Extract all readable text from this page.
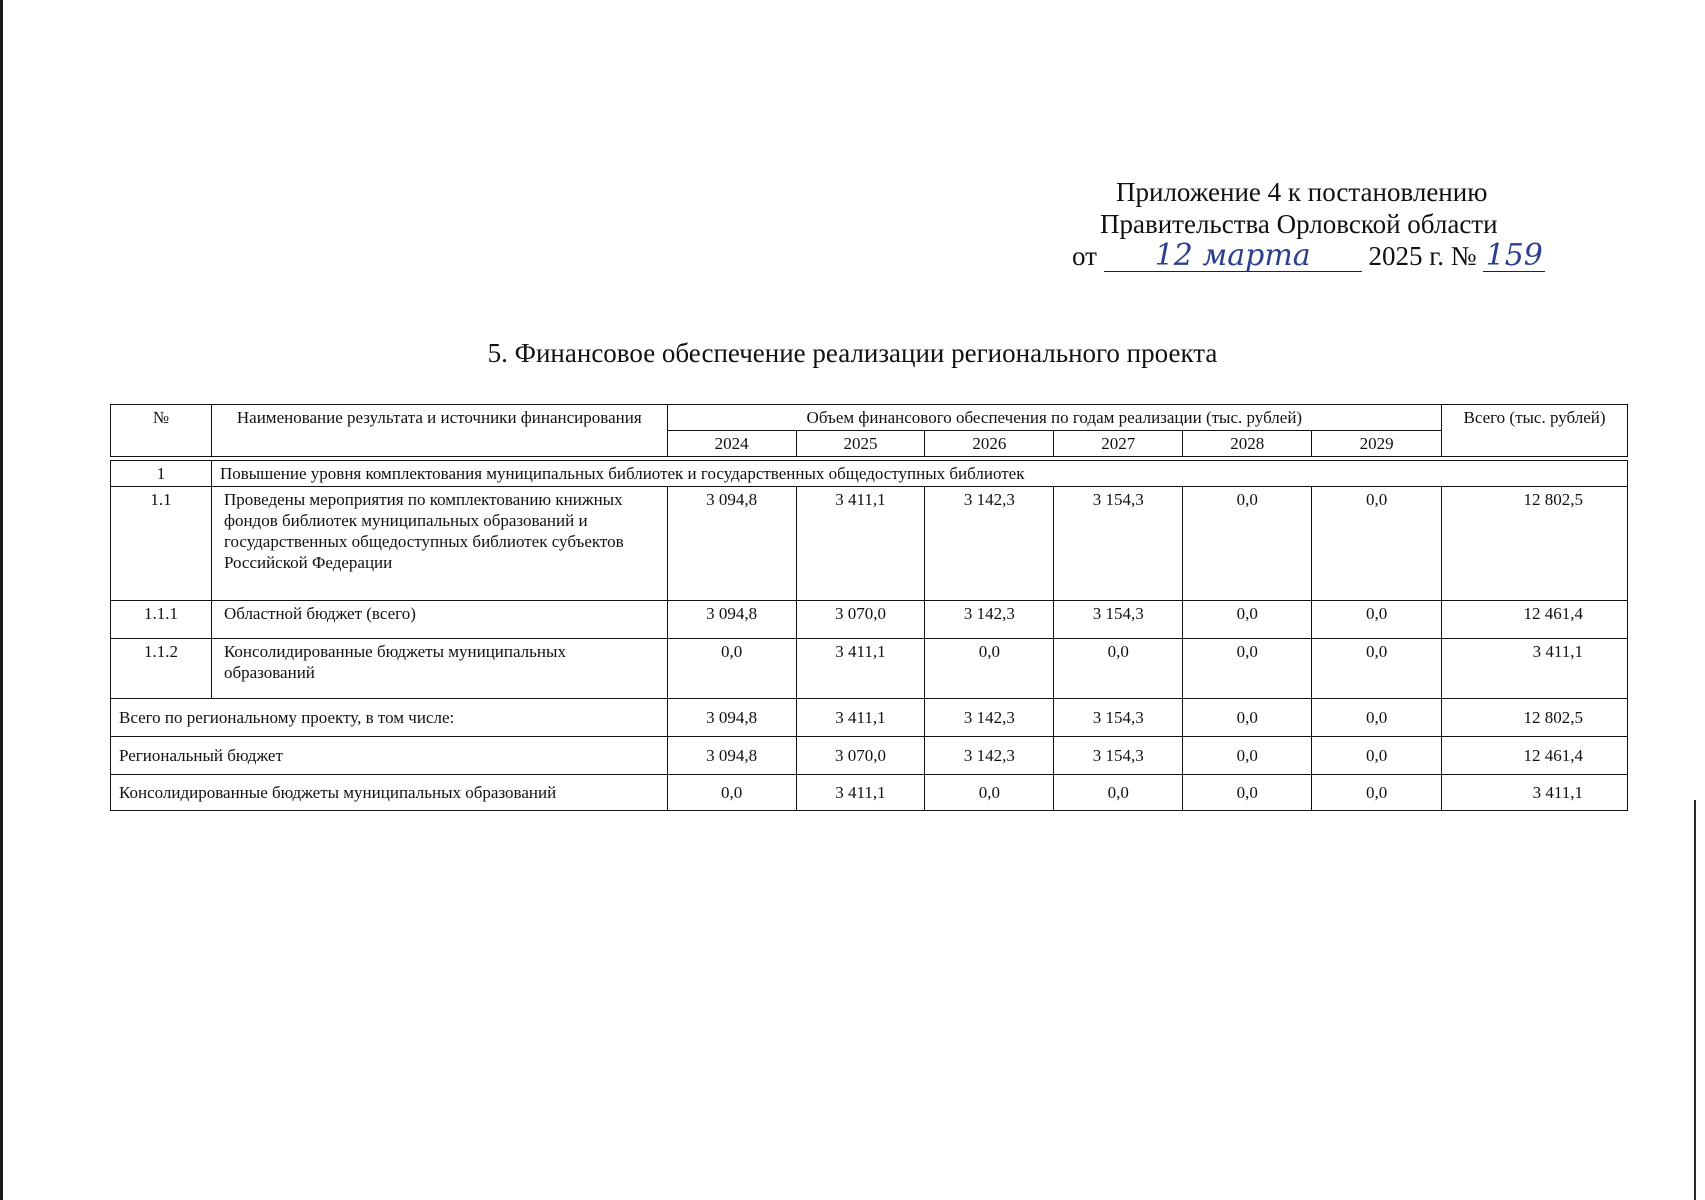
Приложение 4 к постановлению
Правительства Орловской области
от 12 марта 2025 г. № 159
5. Финансовое обеспечение реализации регионального проекта
№	Наименование результата и источники финансирования	Объем финансового обеспечения по годам реализации (тыс. рублей)						Всего (тыс. рублей)
		2024	2025	2026	2027	2028	2029	

1	Повышение уровня комплектования муниципальных библиотек и государственных общедоступных библиотек							
1.1	Проведены мероприятия по комплектованию книжных фондов библиотек муниципальных образований и государственных общедоступных библиотек субъектов Российской Федерации	3 094,8	3 411,1	3 142,3	3 154,3	0,0	0,0	12 802,5
1.1.1	Областной бюджет (всего)	3 094,8	3 070,0	3 142,3	3 154,3	0,0	0,0	12 461,4
1.1.2	Консолидированные бюджеты муниципальных образований	0,0	3 411,1	0,0	0,0	0,0	0,0	3 411,1
Всего по региональному проекту, в том числе:		3 094,8	3 411,1	3 142,3	3 154,3	0,0	0,0	12 802,5
Региональный бюджет		3 094,8	3 070,0	3 142,3	3 154,3	0,0	0,0	12 461,4
Консолидированные бюджеты муниципальных образований		0,0	3 411,1	0,0	0,0	0,0	0,0	3 411,1
